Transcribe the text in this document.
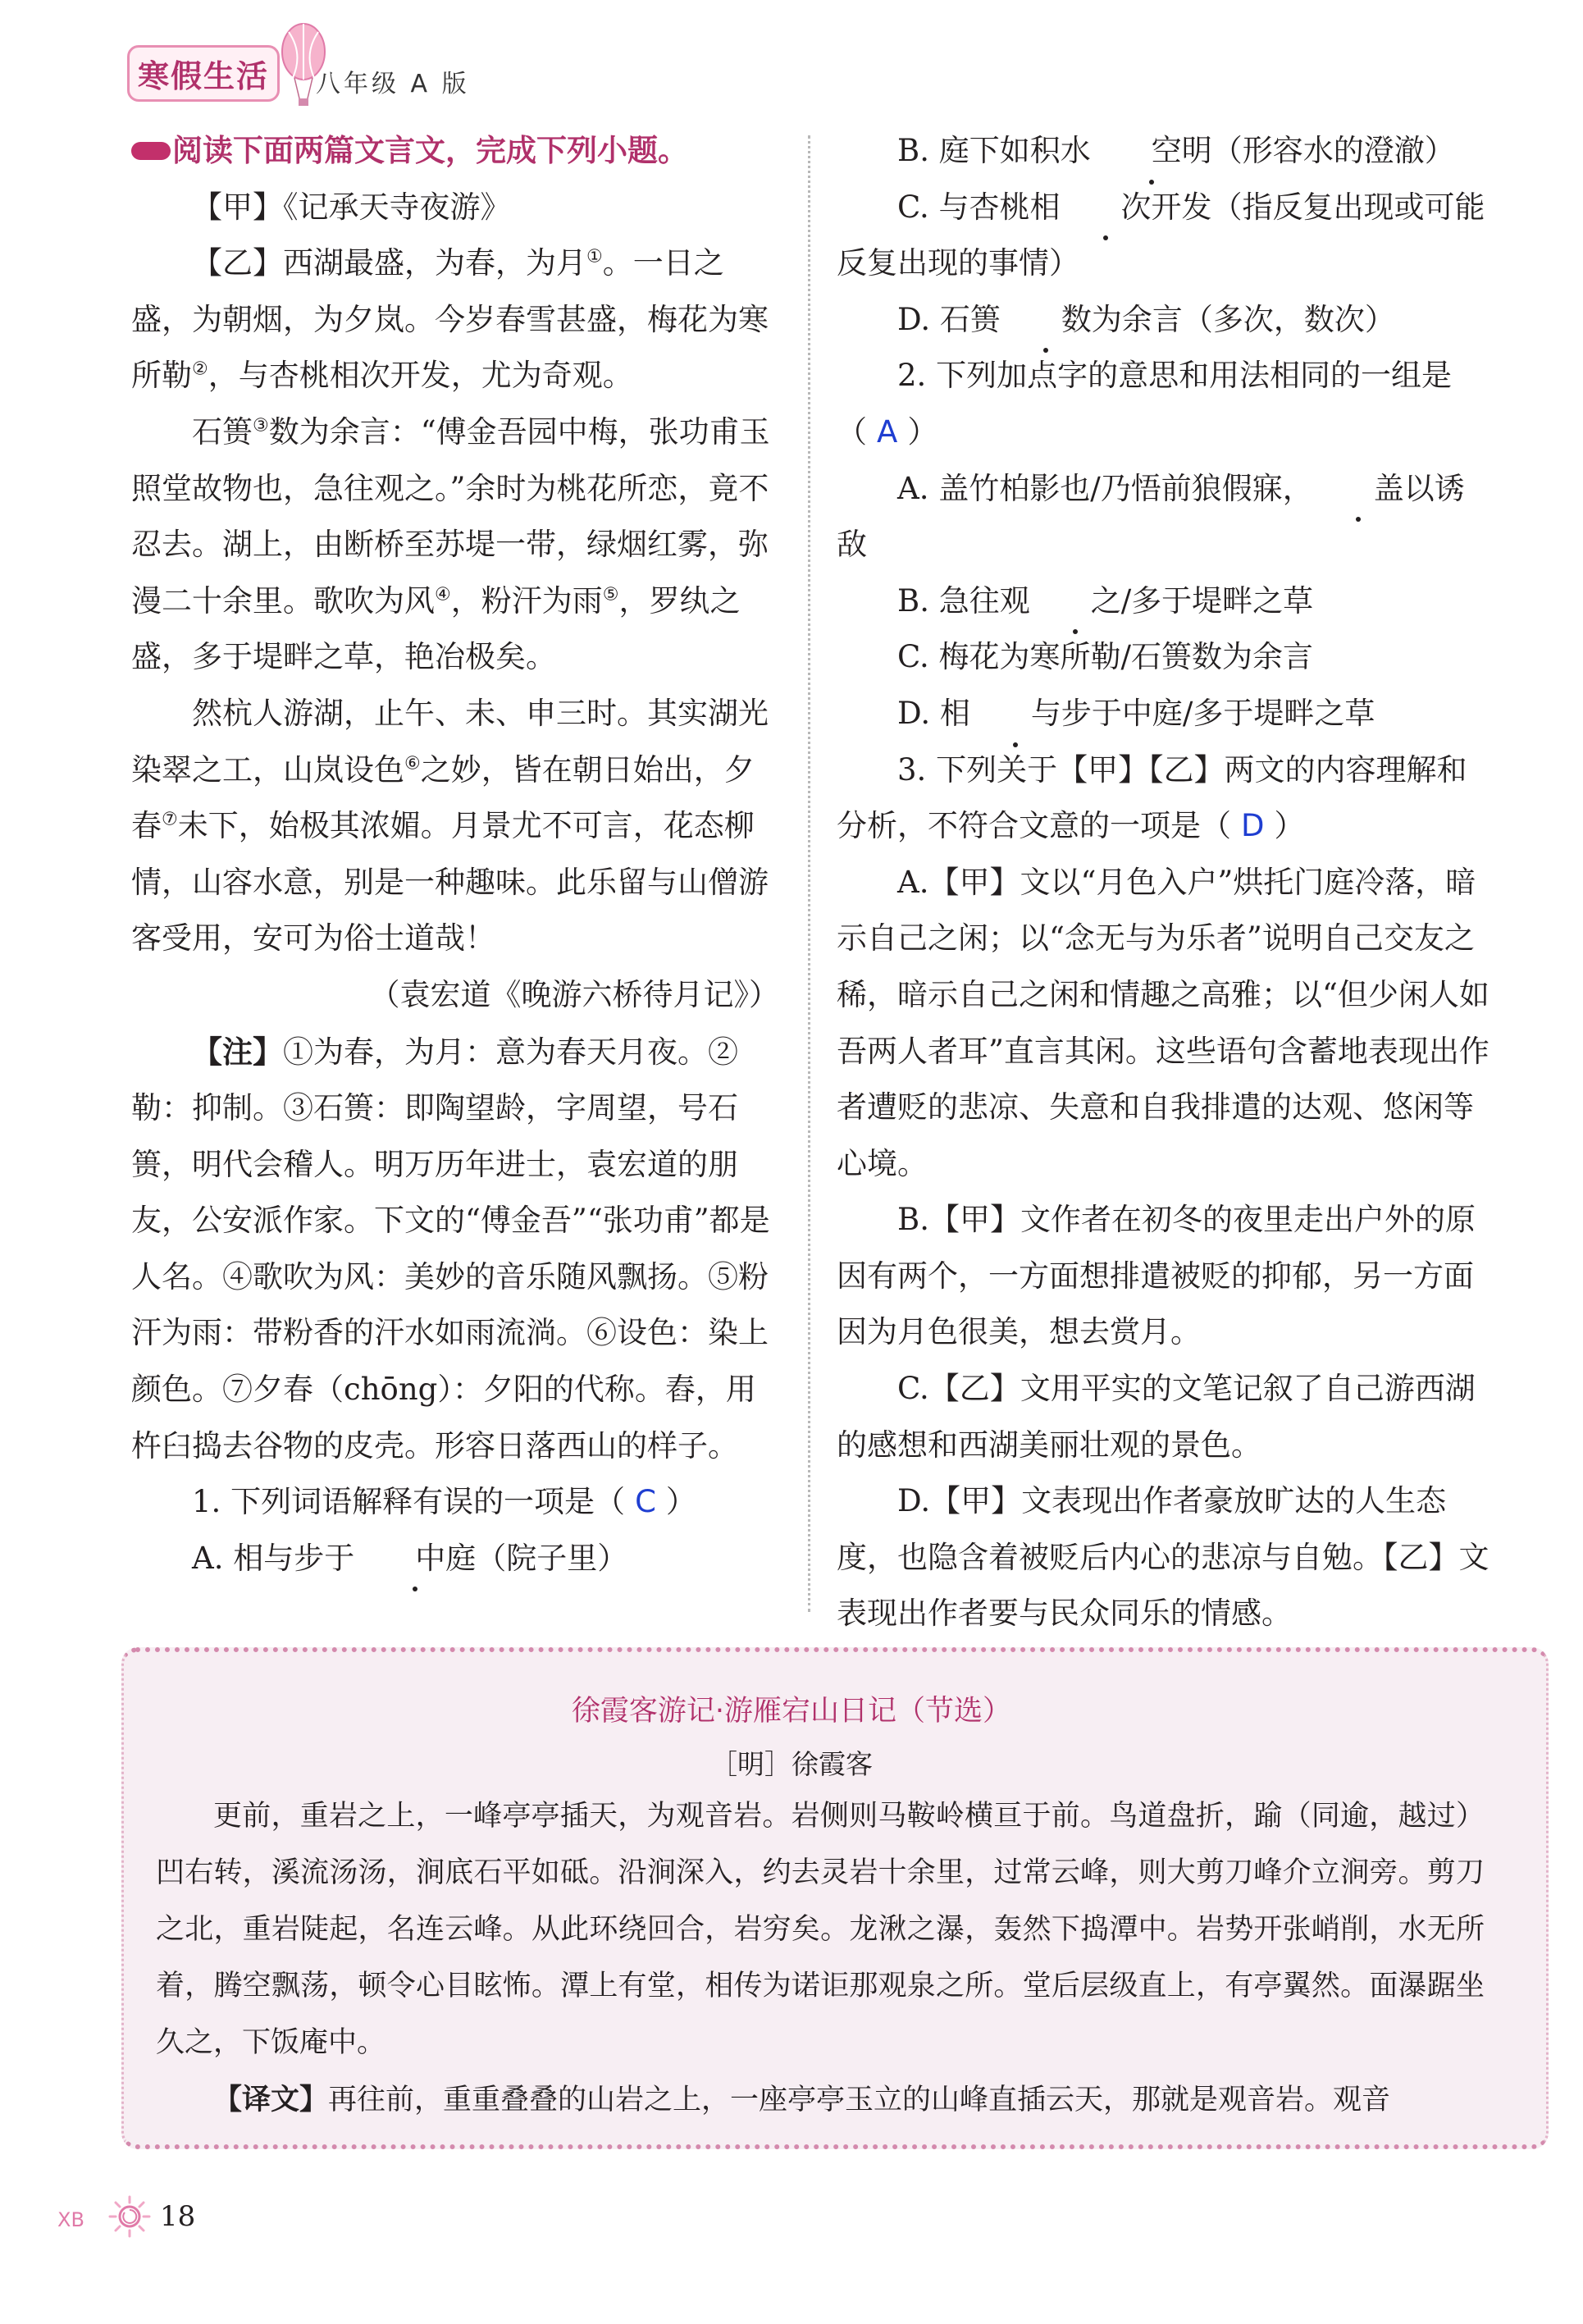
寒假生活	八年级 A 版
阅读下面两篇文言文，完成下列小题。

【甲】《记承天寺夜游》

【乙】西湖最盛，为春，为月①。一日之盛，为朝烟，为夕岚。今岁春雪甚盛，梅花为寒所勒②，与杏桃相次开发，尤为奇观。

石篑③数为余言：“傅金吾园中梅，张功甫玉照堂故物也，急往观之。”余时为桃花所恋，竟不忍去。湖上，由断桥至苏堤一带，绿烟红雾，弥漫二十余里。歌吹为风④，粉汗为雨⑤，罗纨之盛，多于堤畔之草，艳冶极矣。

然杭人游湖，止午、未、申三时。其实湖光染翠之工，山岚设色⑥之妙，皆在朝日始出，夕春⑦未下，始极其浓媚。月景尤不可言，花态柳情，山容水意，别是一种趣味。此乐留与山僧游客受用，安可为俗士道哉！

（袁宏道《晚游六桥待月记》）

【注】①为春，为月：意为春天月夜。②勒：抑制。③石篑：即陶望龄，字周望，号石篑，明代会稽人。明万历年进士，袁宏道的朋友，公安派作家。下文的“傅金吾”“张功甫”都是人名。④歌吹为风：美妙的音乐随风飘扬。⑤粉汗为雨：带粉香的汗水如雨流淌。⑥设色：染上颜色。⑦夕春（chōng）：夕阳的代称。舂，用杵臼捣去谷物的皮壳。形容日落西山的样子。

1. 下列词语解释有误的一项是（ C ）

A. 相与步于 中庭（院子里）

B. 庭下如积水 空明（形容水的澄澈）

C. 与杏桃相 次开发（指反复出现或可能反复出现的事情）

D. 石篑 数为余言（多次，数次）

2. 下列加点字的意思和用法相同的一组是（ A ）

A. 盖竹柏影也/乃悟前狼假寐， 盖以诱敌

B. 急往观 之/多于堤畔之草

C. 梅花为寒所勒/石篑数为余言

D. 相 与步于中庭/多于堤畔之草

3. 下列关于【甲】【乙】两文的内容理解和分析，不符合文意的一项是（ D ）

A.【甲】文以“月色入户”烘托门庭冷落，暗示自己之闲；以“念无与为乐者”说明自己交友之稀，暗示自己之闲和情趣之高雅；以“但少闲人如吾两人者耳”直言其闲。这些语句含蓄地表现出作者遭贬的悲凉、失意和自我排遣的达观、悠闲等心境。

B.【甲】文作者在初冬的夜里走出户外的原因有两个，一方面想排遣被贬的抑郁，另一方面因为月色很美，想去赏月。

C.【乙】文用平实的文笔记叙了自己游西湖的感想和西湖美丽壮观的景色。

D.【甲】文表现出作者豪放旷达的人生态度，也隐含着被贬后内心的悲凉与自勉。【乙】文表现出作者要与民众同乐的情感。

徐霞客游记·游雁宕山日记（节选）
［明］徐霞客

更前，重岩之上，一峰亭亭插天，为观音岩。岩侧则马鞍岭横亘于前。鸟道盘折，踰（同逾，越过）凹右转，溪流汤汤，涧底石平如砥。沿涧深入，约去灵岩十余里，过常云峰，则大剪刀峰介立涧旁。剪刀之北，重岩陡起，名连云峰。从此环绕回合，岩穷矣。龙湫之瀑，轰然下捣潭中。岩势开张峭削，水无所着，腾空飘荡，顿令心目眩怖。潭上有堂，相传为诺讵那观泉之所。堂后层级直上，有亭翼然。面瀑踞坐久之，下饭庵中。

【译文】再往前，重重叠叠的山岩之上，一座亭亭玉立的山峰直插云天，那就是观音岩。观音

XB	18
